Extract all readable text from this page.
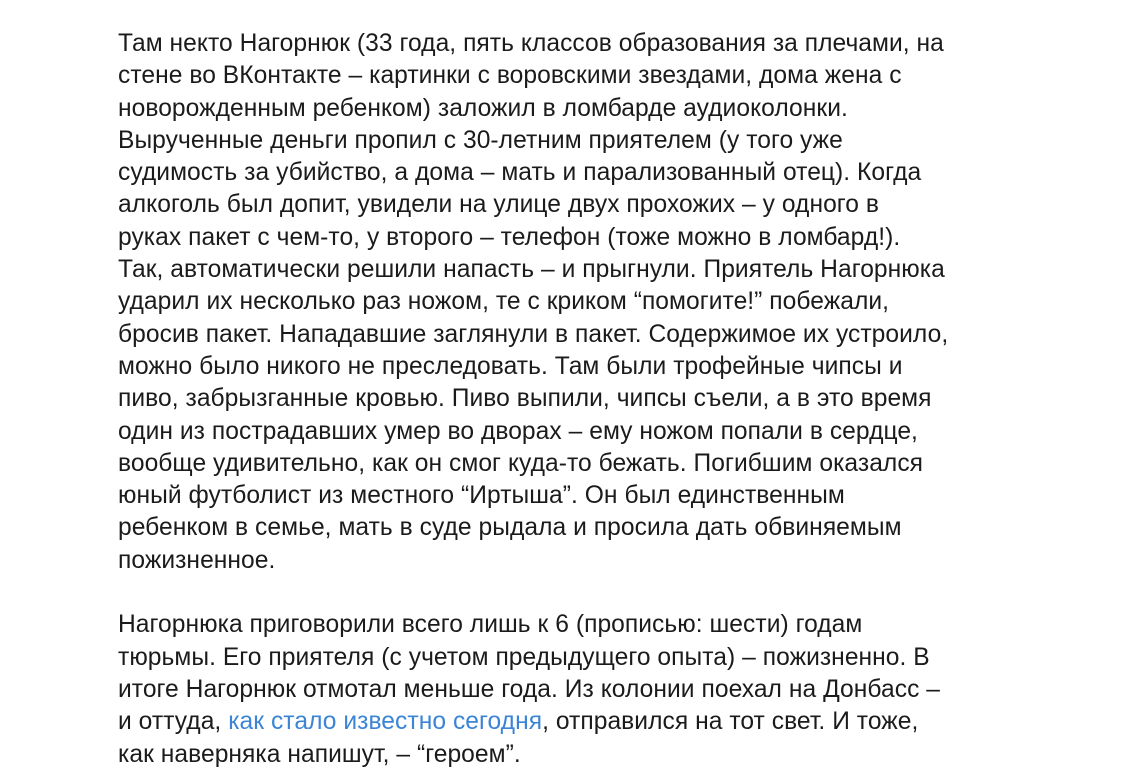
Там некто Нагорнюк (33 года, пять классов образования за плечами, на
стене во ВКонтакте – картинки с воровскими звездами, дома жена с
новорожденным ребенком) заложил в ломбарде аудиоколонки.
Вырученные деньги пропил с 30-летним приятелем (у того уже
судимость за убийство, а дома – мать и парализованный отец). Когда
алкоголь был допит, увидели на улице двух прохожих – у одного в
руках пакет с чем-то, у второго – телефон (тоже можно в ломбард!).
Так, автоматически решили напасть – и прыгнули. Приятель Нагорнюка
ударил их несколько раз ножом, те с криком “помогите!” побежали,
бросив пакет. Нападавшие заглянули в пакет. Содержимое их устроило,
можно было никого не преследовать. Там были трофейные чипсы и
пиво, забрызганные кровью. Пиво выпили, чипсы съели, а в это время
один из пострадавших умер во дворах – ему ножом попали в сердце,
вообще удивительно, как он смог куда-то бежать. Погибшим оказался
юный футболист из местного “Иртыша”. Он был единственным
ребенком в семье, мать в суде рыдала и просила дать обвиняемым
пожизненное.

Нагорнюка приговорили всего лишь к 6 (прописью: шести) годам
тюрьмы. Его приятеля (с учетом предыдущего опыта) – пожизненно. В
итоге Нагорнюк отмотал меньше года. Из колонии поехал на Донбасс –
и оттуда, как стало известно сегодня, отправился на тот свет. И тоже,
как наверняка напишут, – “героем”.
